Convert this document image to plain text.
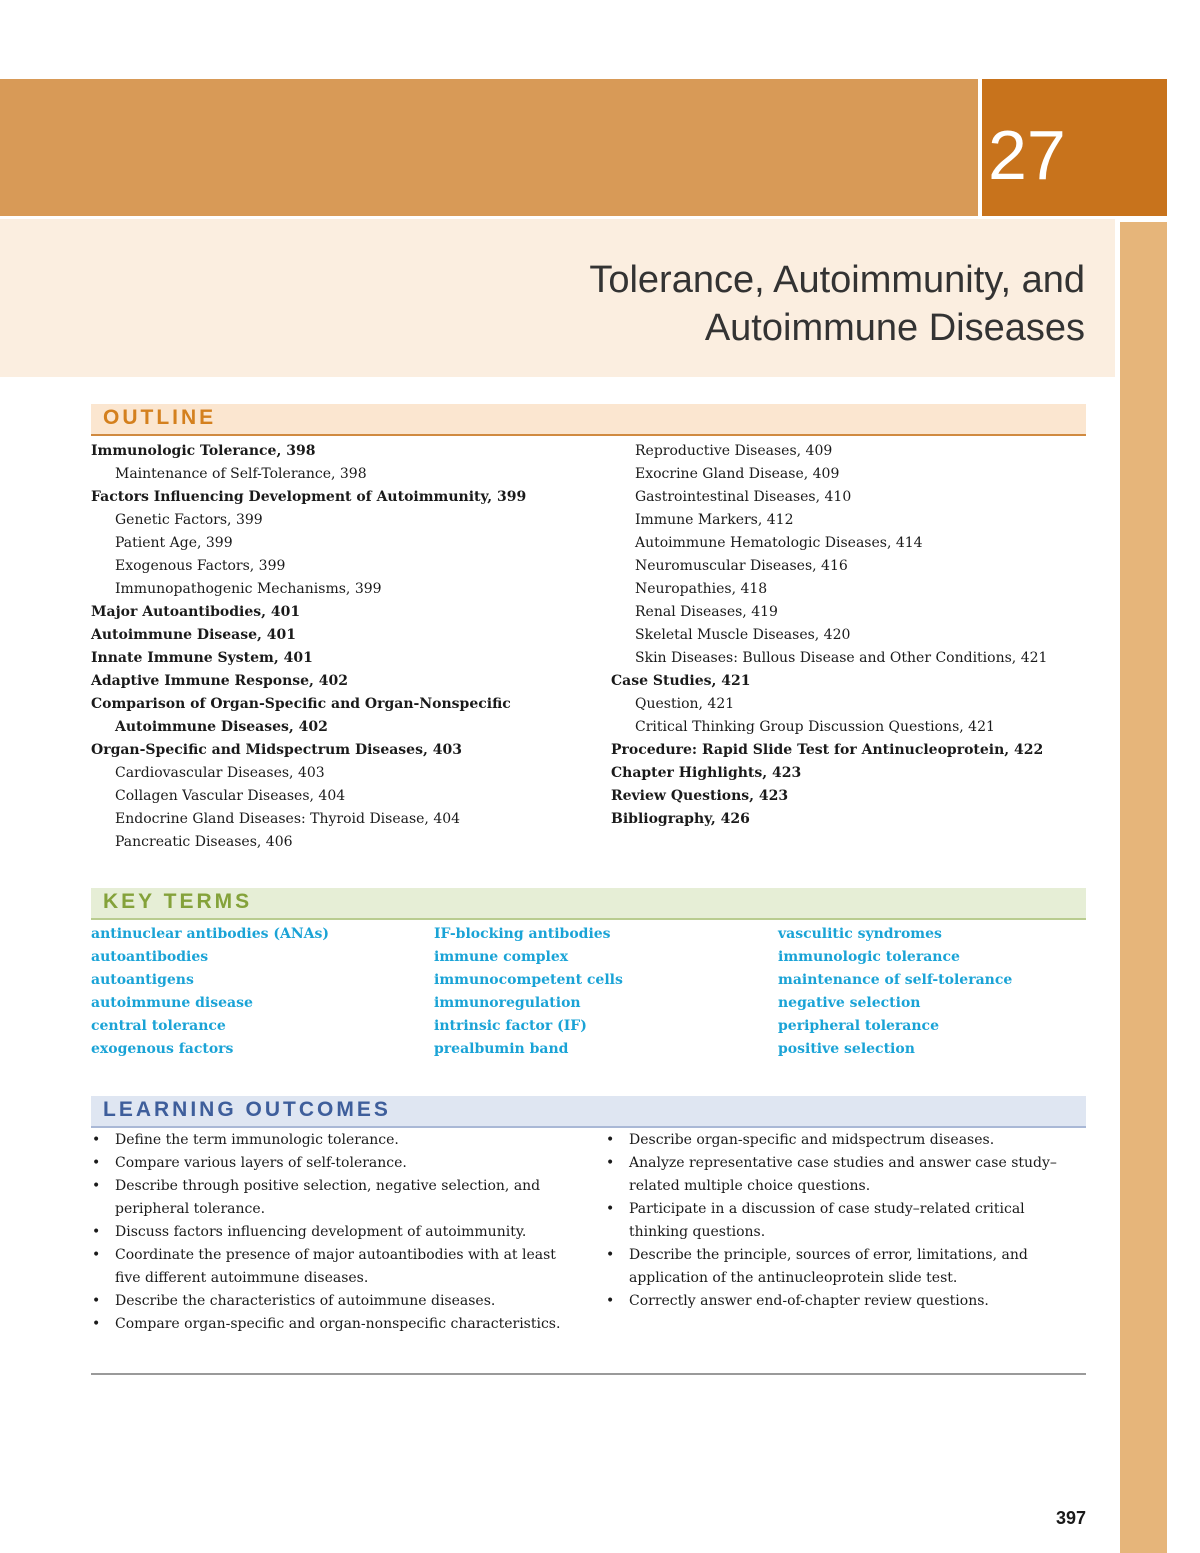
27
Tolerance, Autoimmunity, and
Autoimmune Diseases
OUTLINE
Immunologic Tolerance, 398
Maintenance of Self-Tolerance, 398
Factors Influencing Development of Autoimmunity, 399
Genetic Factors, 399
Patient Age, 399
Exogenous Factors, 399
Immunopathogenic Mechanisms, 399
Major Autoantibodies, 401
Autoimmune Disease, 401
Innate Immune System, 401
Adaptive Immune Response, 402
Comparison of Organ-Specific and Organ-Nonspecific
Autoimmune Diseases, 402
Organ-Specific and Midspectrum Diseases, 403
Cardiovascular Diseases, 403
Collagen Vascular Diseases, 404
Endocrine Gland Diseases: Thyroid Disease, 404
Pancreatic Diseases, 406
Reproductive Diseases, 409
Exocrine Gland Disease, 409
Gastrointestinal Diseases, 410
Immune Markers, 412
Autoimmune Hematologic Diseases, 414
Neuromuscular Diseases, 416
Neuropathies, 418
Renal Diseases, 419
Skeletal Muscle Diseases, 420
Skin Diseases: Bullous Disease and Other Conditions, 421
Case Studies, 421
Question, 421
Critical Thinking Group Discussion Questions, 421
Procedure: Rapid Slide Test for Antinucleoprotein, 422
Chapter Highlights, 423
Review Questions, 423
Bibliography, 426
KEY TERMS
antinuclear antibodies (ANAs)
autoantibodies
autoantigens
autoimmune disease
central tolerance
exogenous factors
IF-blocking antibodies
immune complex
immunocompetent cells
immunoregulation
intrinsic factor (IF)
prealbumin band
vasculitic syndromes
immunologic tolerance
maintenance of self-tolerance
negative selection
peripheral tolerance
positive selection
LEARNING OUTCOMES
• Define the term immunologic tolerance.
• Compare various layers of self-tolerance.
• Describe through positive selection, negative selection, and peripheral tolerance.
• Discuss factors influencing development of autoimmunity.
• Coordinate the presence of major autoantibodies with at least five different autoimmune diseases.
• Describe the characteristics of autoimmune diseases.
• Compare organ-specific and organ-nonspecific characteristics.
• Describe organ-specific and midspectrum diseases.
• Analyze representative case studies and answer case study–related multiple choice questions.
• Participate in a discussion of case study–related critical thinking questions.
• Describe the principle, sources of error, limitations, and application of the antinucleoprotein slide test.
• Correctly answer end-of-chapter review questions.
397
